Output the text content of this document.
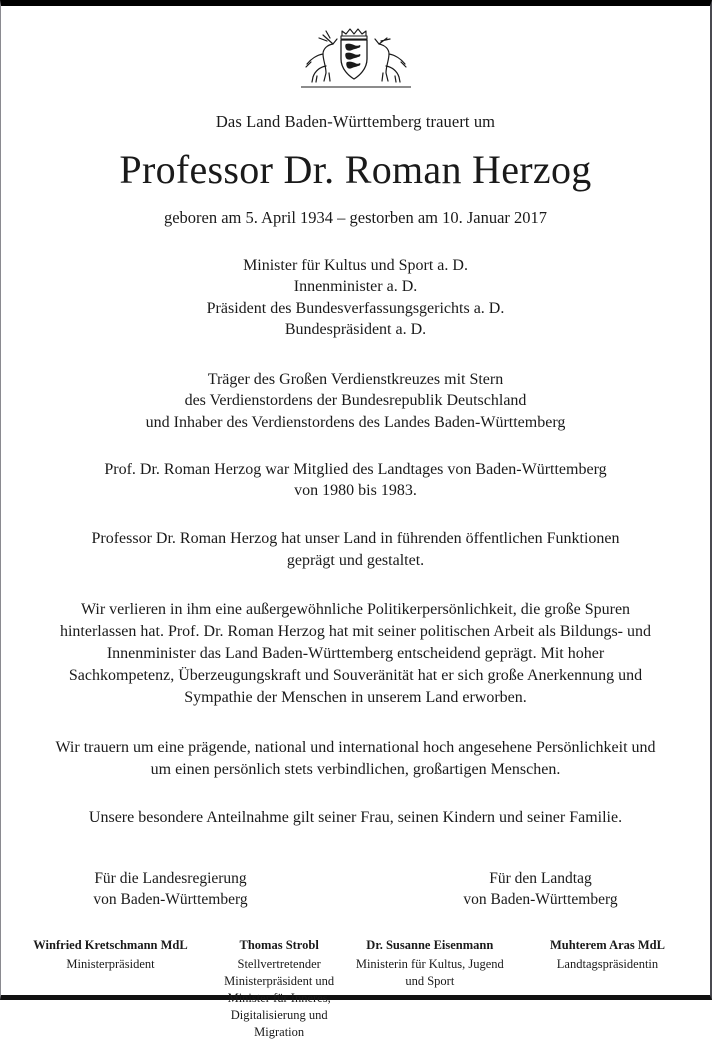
Das Land Baden-Württemberg trauert um
Professor Dr. Roman Herzog
geboren am 5. April 1934 – gestorben am 10. Januar 2017

Minister für Kultus und Sport a. D.

Innenminister a. D.

Präsident des Bundesverfassungsgerichts a. D.

Bundespräsident a. D.

Träger des Großen Verdienstkreuzes mit Stern

des Verdienstordens der Bundesrepublik Deutschland

und Inhaber des Verdienstordens des Landes Baden-Württemberg

Prof. Dr. Roman Herzog war Mitglied des Landtages von Baden-Württemberg

von 1980 bis 1983.

Professor Dr. Roman Herzog hat unser Land in führenden öffentlichen Funktionen

geprägt und gestaltet.

Wir verlieren in ihm eine außergewöhnliche Politikerpersönlichkeit, die große Spuren hinterlassen hat. Prof. Dr. Roman Herzog hat mit seiner politischen Arbeit als Bildungs- und Innenminister das Land Baden-Württemberg entscheidend geprägt. Mit hoher Sachkompetenz, Überzeugungskraft und Souveränität hat er sich große Anerkennung und Sympathie der Menschen in unserem Land erworben.
Wir trauern um eine prägende, national und international hoch angesehene Persönlichkeit und um einen persönlich stets verbindlichen, großartigen Menschen.
Unsere besondere Anteilnahme gilt seiner Frau, seinen Kindern und seiner Familie.
Für die Landesregierung
von Baden-Württemberg
Für den Landtag
von Baden-Württemberg
Winfried Kretschmann MdL
Ministerpräsident
Thomas Strobl
Stellvertretender Ministerpräsident und Minister für Inneres, Digitalisierung und Migration
Dr. Susanne Eisenmann
Ministerin für Kultus, Jugend und Sport
Muhterem Aras MdL
Landtagspräsidentin
